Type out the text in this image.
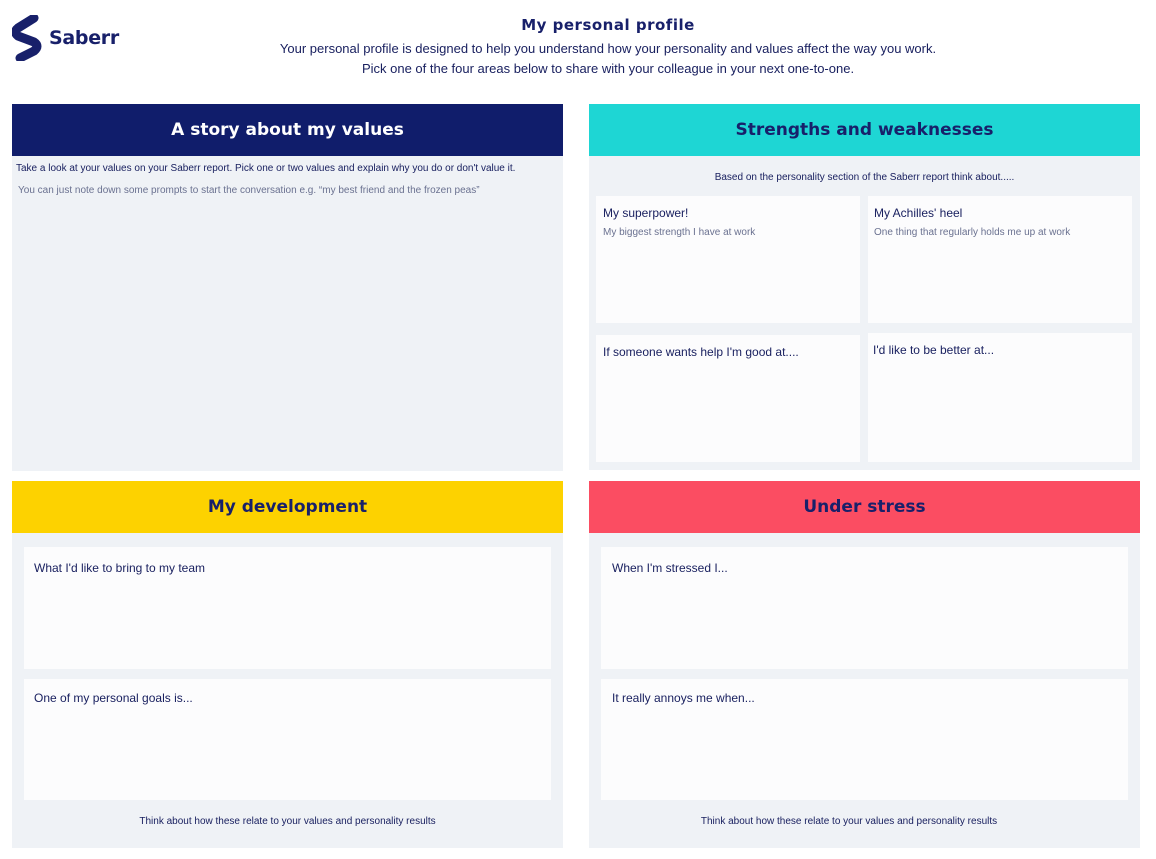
Saberr
My personal profile
Your personal profile is designed to help you understand how your personality and values affect the way you work.
Pick one of the four areas below to share with your colleague in your next one-to-one.
A story about my values
Take a look at your values on your Saberr report. Pick one or two values and explain why you do or don't value it.
You can just note down some prompts to start the conversation e.g. “my best friend and the frozen peas”
Strengths and weaknesses
Based on the personality section of the Saberr report think about.....
My superpower!
My biggest strength I have at work
My Achilles' heel
One thing that regularly holds me up at work
If someone wants help I'm good at....	I'd like to be better at...
My development
What I'd like to bring to my team
One of my personal goals is...
Think about how these relate to your values and personality results
Under stress
When I'm stressed I...
It really annoys me when...
Think about how these relate to your values and personality results
